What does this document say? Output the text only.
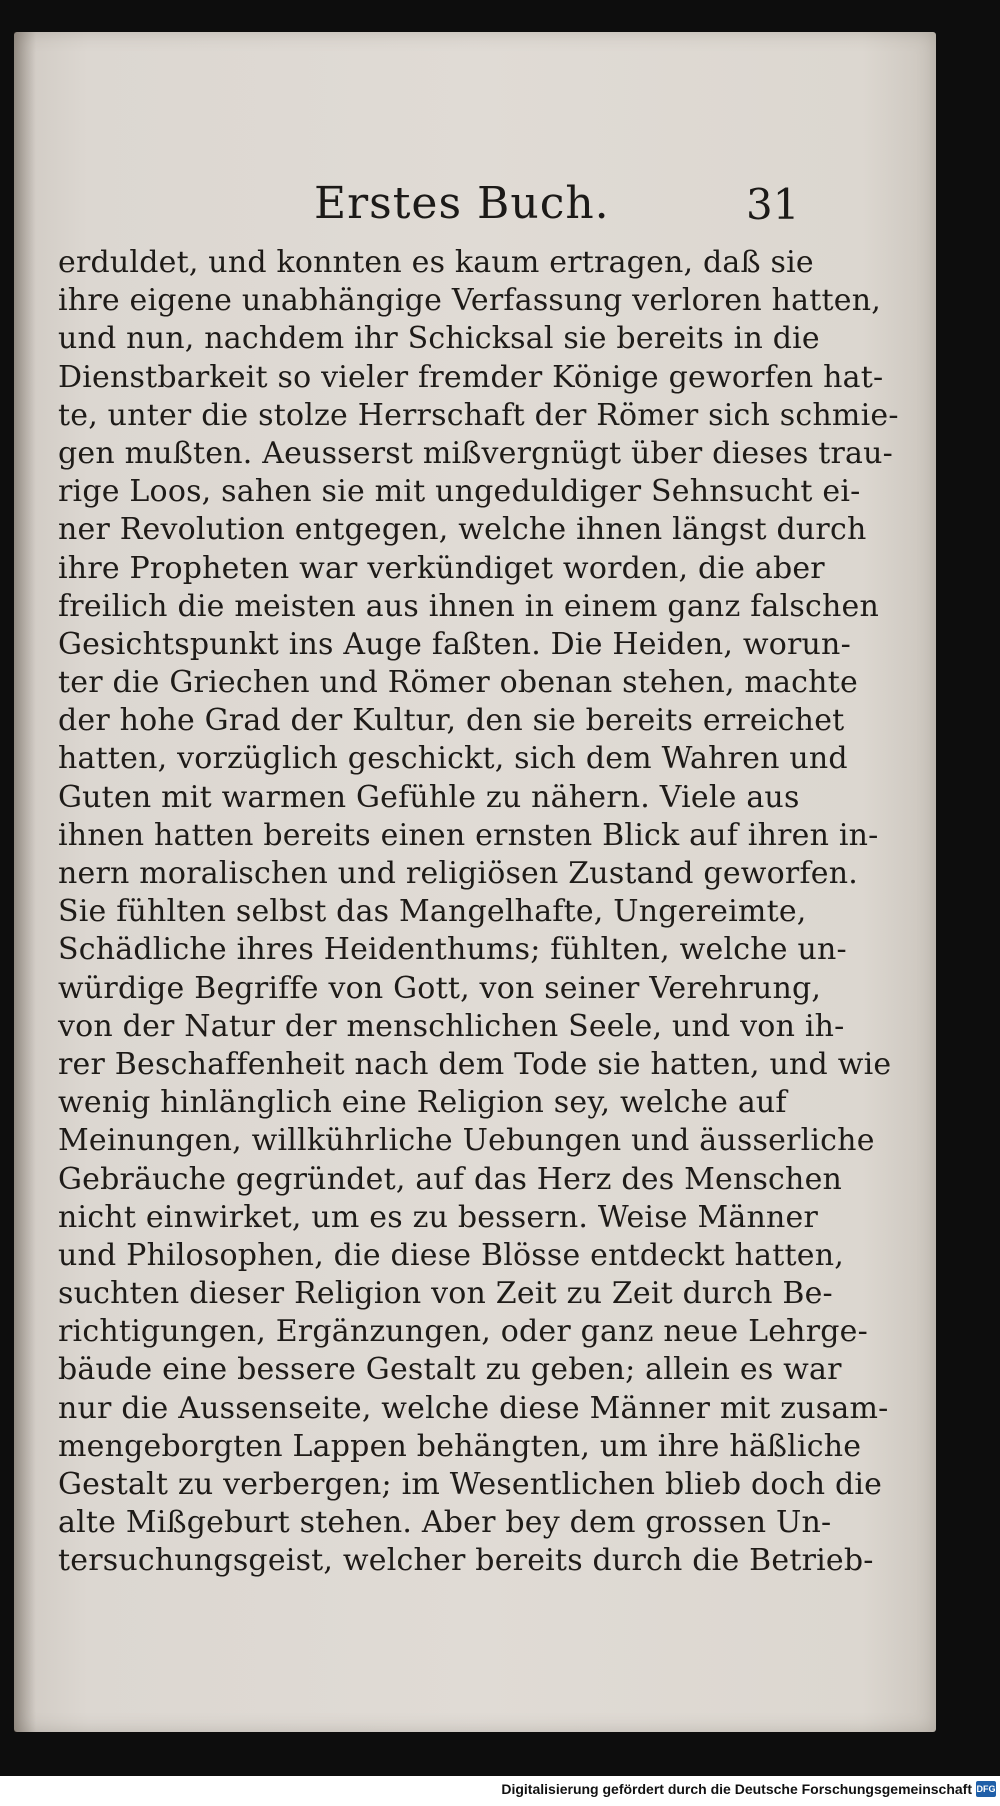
Erstes Buch.	31
erduldet, und konnten es kaum ertragen, daß sie
ihre eigene unabhängige Verfassung verloren hatten,
und nun, nachdem ihr Schicksal sie bereits in die
Dienstbarkeit so vieler fremder Könige geworfen hat-
te, unter die stolze Herrschaft der Römer sich schmie-
gen mußten. Aeusserst mißvergnügt über dieses trau-
rige Loos, sahen sie mit ungeduldiger Sehnsucht ei-
ner Revolution entgegen, welche ihnen längst durch
ihre Propheten war verkündiget worden, die aber
freilich die meisten aus ihnen in einem ganz falschen
Gesichtspunkt ins Auge faßten. Die Heiden, worun-
ter die Griechen und Römer obenan stehen, machte
der hohe Grad der Kultur, den sie bereits erreichet
hatten, vorzüglich geschickt, sich dem Wahren und
Guten mit warmen Gefühle zu nähern. Viele aus
ihnen hatten bereits einen ernsten Blick auf ihren in-
nern moralischen und religiösen Zustand geworfen.
Sie fühlten selbst das Mangelhafte, Ungereimte,
Schädliche ihres Heidenthums; fühlten, welche un-
würdige Begriffe von Gott, von seiner Verehrung,
von der Natur der menschlichen Seele, und von ih-
rer Beschaffenheit nach dem Tode sie hatten, und wie
wenig hinlänglich eine Religion sey, welche auf
Meinungen, willkührliche Uebungen und äusserliche
Gebräuche gegründet, auf das Herz des Menschen
nicht einwirket, um es zu bessern. Weise Männer
und Philosophen, die diese Blösse entdeckt hatten,
suchten dieser Religion von Zeit zu Zeit durch Be-
richtigungen, Ergänzungen, oder ganz neue Lehrge-
bäude eine bessere Gestalt zu geben; allein es war
nur die Aussenseite, welche diese Männer mit zusam-
mengeborgten Lappen behängten, um ihre häßliche
Gestalt zu verbergen; im Wesentlichen blieb doch die
alte Mißgeburt stehen. Aber bey dem grossen Un-
tersuchungsgeist, welcher bereits durch die Betrieb-
Digitalisierung gefördert durch die Deutsche Forschungsgemeinschaft DFG
